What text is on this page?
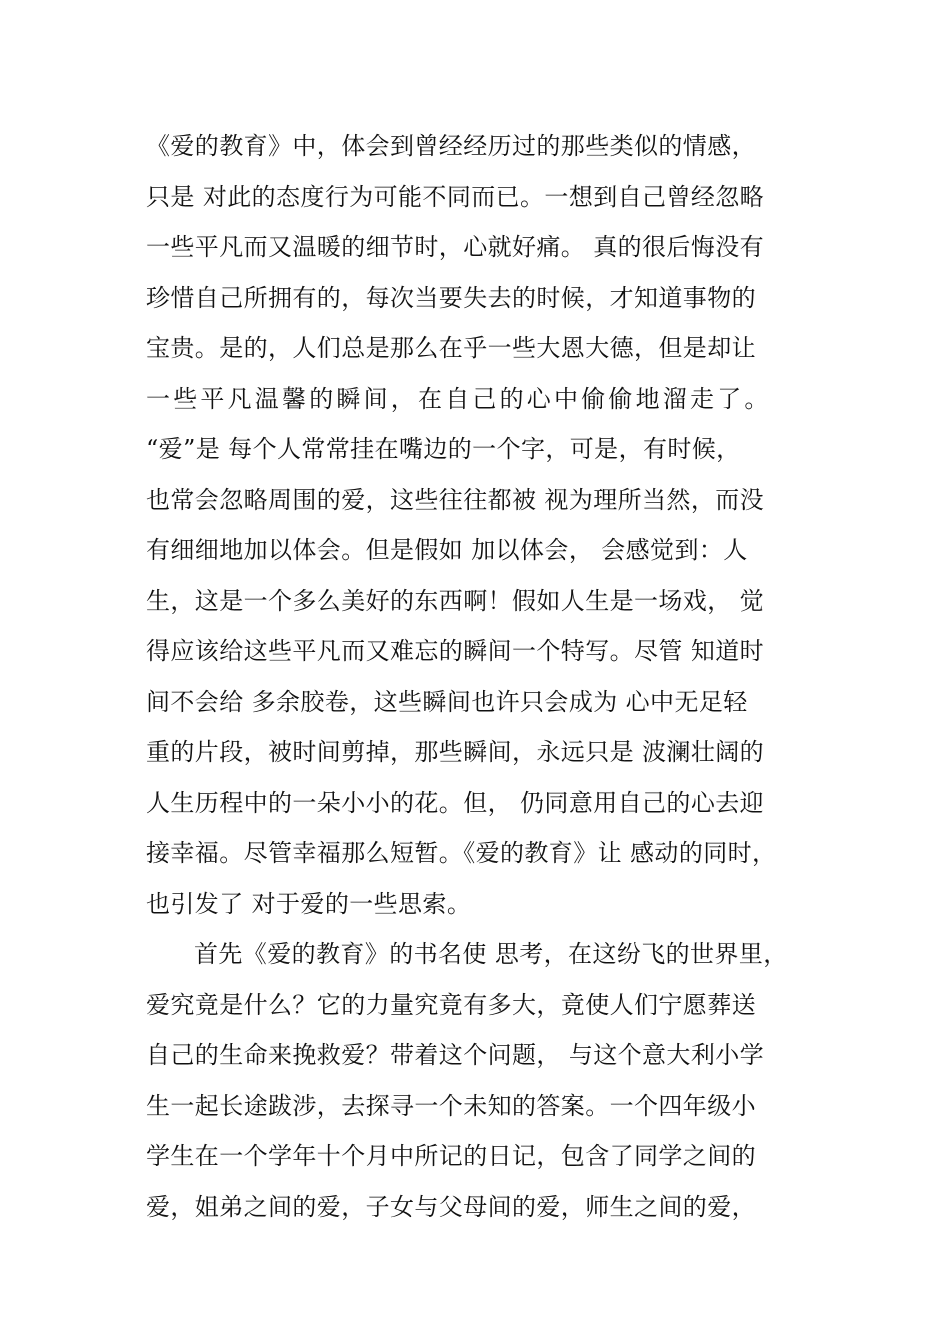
《爱的教育》中，体会到曾经经历过的那些类似的情感，
只是 对此的态度行为可能不同而已。一想到自己曾经忽略
一些平凡而又温暖的细节时，心就好痛。 真的很后悔没有
珍惜自己所拥有的，每次当要失去的时候，才知道事物的
宝贵。是的，人们总是那么在乎一些大恩大德，但是却让
一些平凡温馨的瞬间，在自己的心中偷偷地溜走了。
“爱”是 每个人常常挂在嘴边的一个字，可是，有时候，
也常会忽略周围的爱，这些往往都被 视为理所当然，而没
有细细地加以体会。但是假如 加以体会， 会感觉到：人
生，这是一个多么美好的东西啊！假如人生是一场戏， 觉
得应该给这些平凡而又难忘的瞬间一个特写。尽管 知道时
间不会给 多余胶卷，这些瞬间也许只会成为 心中无足轻
重的片段，被时间剪掉，那些瞬间，永远只是 波澜壮阔的
人生历程中的一朵小小的花。但， 仍同意用自己的心去迎
接幸福。尽管幸福那么短暂。《爱的教育》让 感动的同时，
也引发了 对于爱的一些思索。
首先《爱的教育》的书名使 思考，在这纷飞的世界里，
爱究竟是什么？它的力量究竟有多大，竟使人们宁愿葬送
自己的生命来挽救爱？带着这个问题， 与这个意大利小学
生一起长途跋涉，去探寻一个未知的答案。一个四年级小
学生在一个学年十个月中所记的日记，包含了同学之间的
爱，姐弟之间的爱，子女与父母间的爱，师生之间的爱，
